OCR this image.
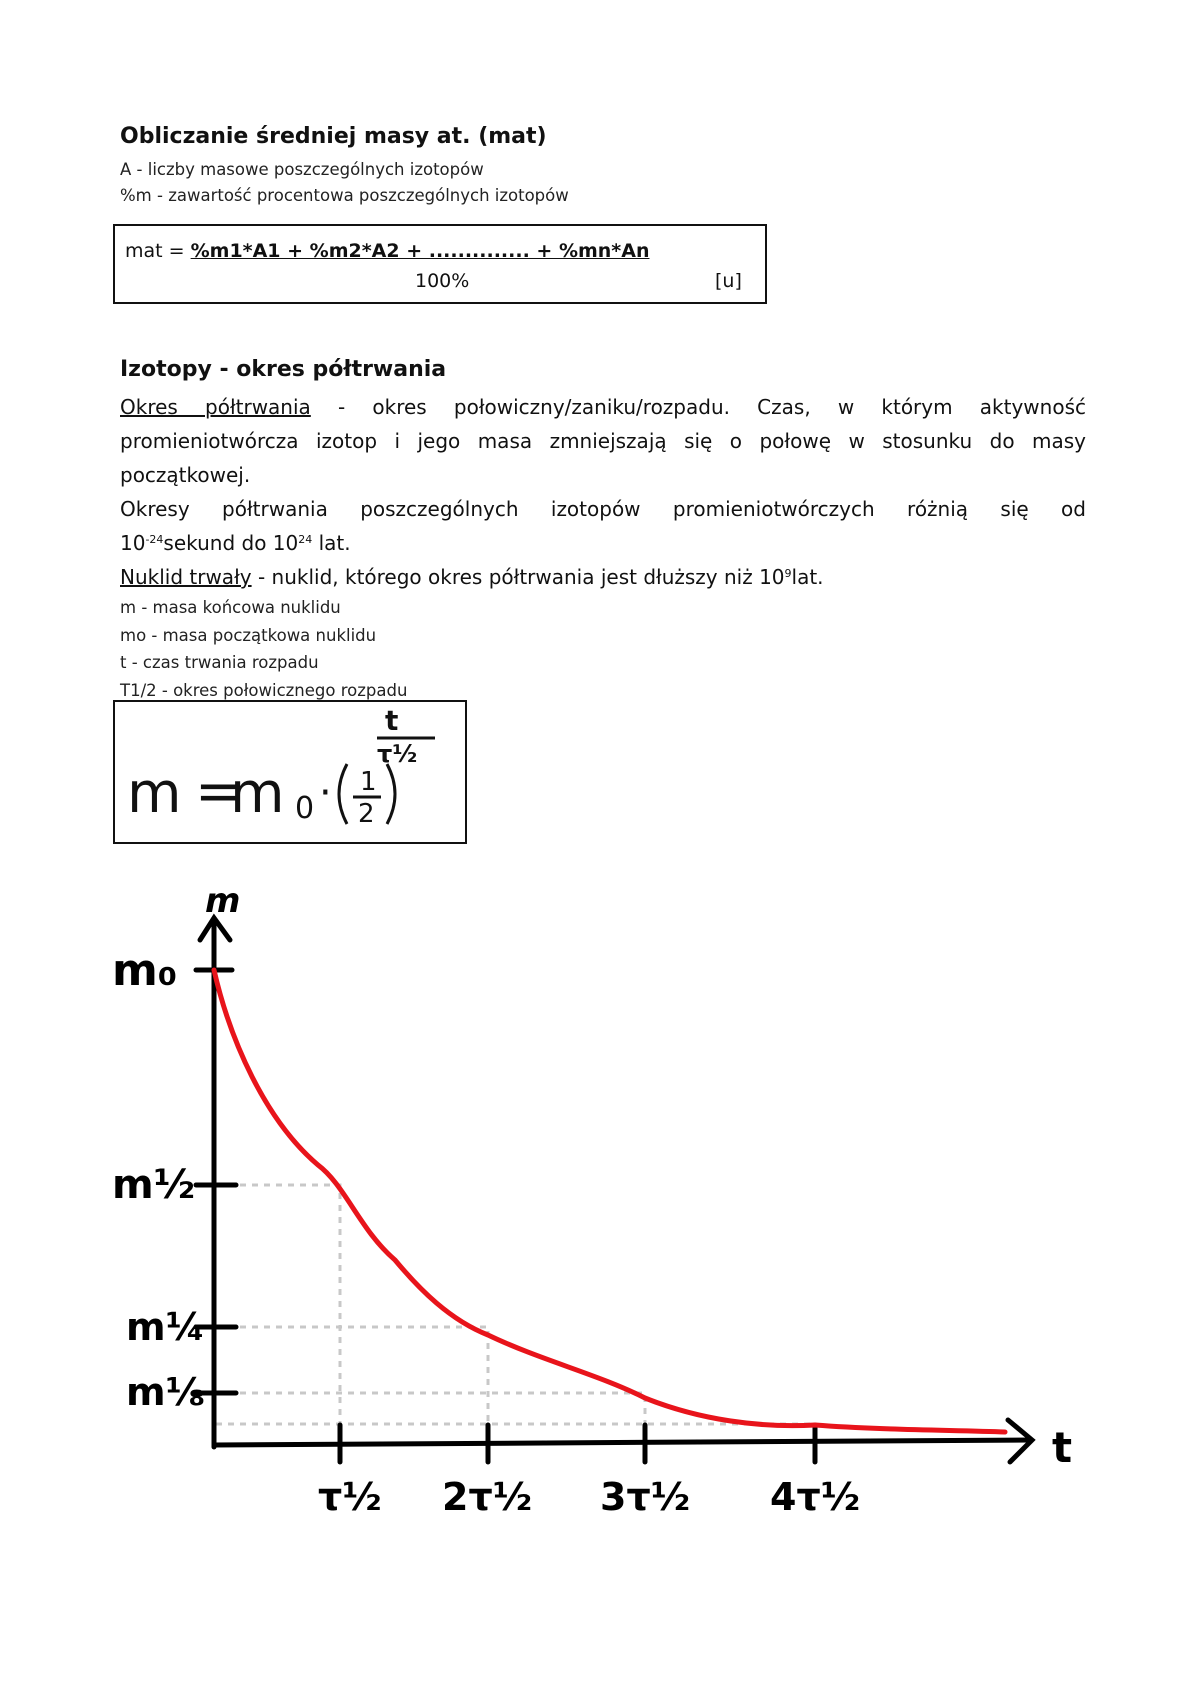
Obliczanie średniej masy at. (mat)
A - liczby masowe poszczególnych izotopów
%m - zawartość procentowa poszczególnych izotopów
mat = %m1*A1 + %m2*A2 + .............. + %mn*An
100%	[u]
Izotopy - okres półtrwania
Okres półtrwania - okres połowiczny/zaniku/rozpadu. Czas, w którym aktywność
promieniotwórcza izotop i jego masa zmniejszają się o połowę w stosunku do masy
początkowej.
Okresy półtrwania poszczególnych izotopów promieniotwórczych różnią się od
$10^{-24}sekund$ do $10^{24}$ lat.
Nuklid trwały - nuklid, którego okres półtrwania jest dłuższy niż $10^9lat$.
m - masa końcowa nuklidu
mo - masa początkowa nuklidu
t - czas trwania rozpadu
T1/2 - okres połowicznego rozpadu
m =
m 0 · 1
2
t
τ½
m
t
m₀
m½
m¼
m⅛
τ½ 2τ½ 3τ½ 4τ½
